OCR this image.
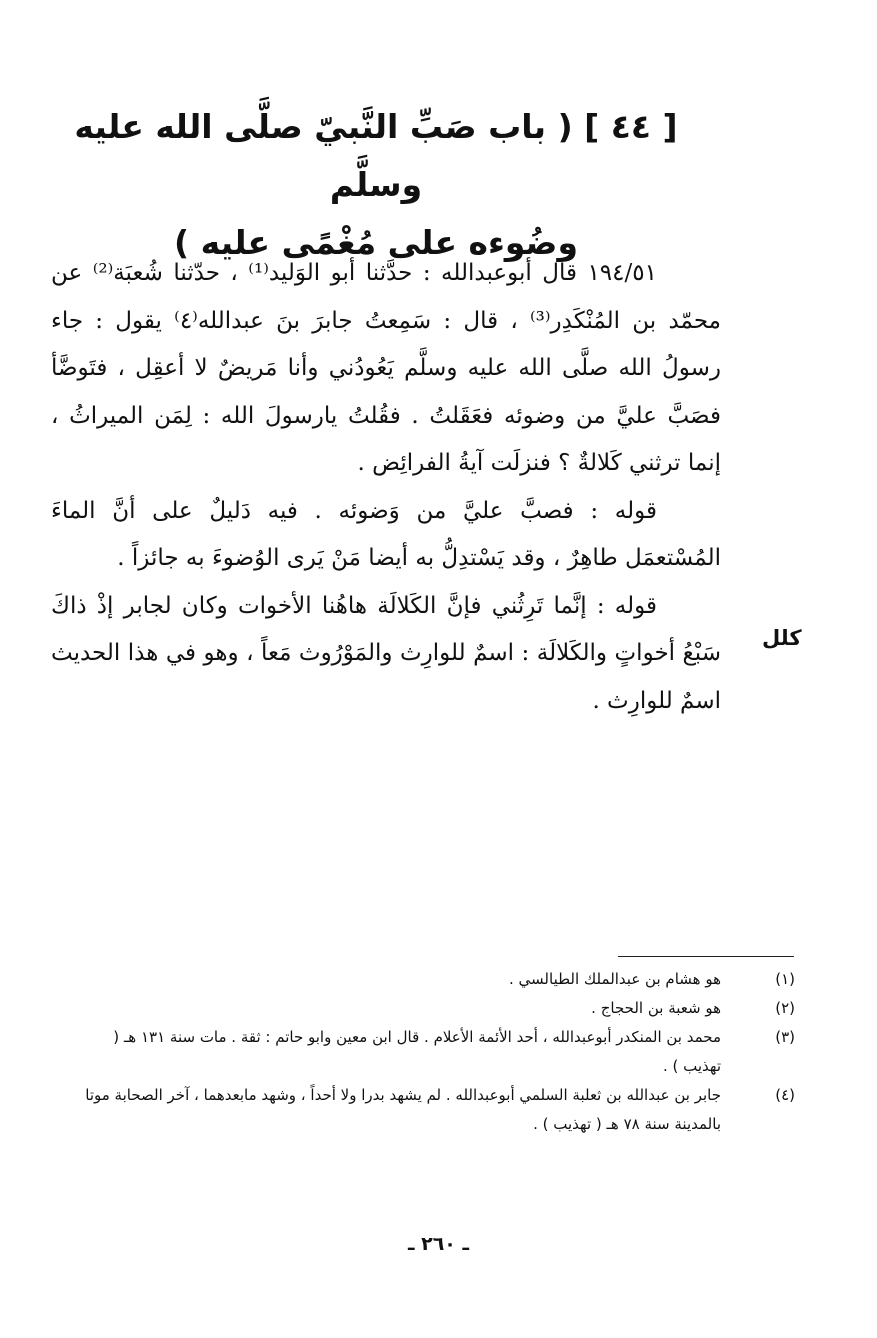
[ ٤٤ ] ( باب صَبِّ النَّبيّ صلَّى الله عليه وسلَّم
وضُوءه على مُغْمًى عليه )

١٩٤/٥١ قال أبوعبدالله : حدَّثنا أبو الوَليد⁽¹⁾ ، حدّثنا شُعبَة⁽²⁾ عن محمّد بن المُنْكَدِر⁽³⁾ ، قال : سَمِعتُ جابرَ بنَ عبدالله⁽٤⁾ يقول : جاء رسولُ الله صلَّى الله عليه وسلَّم يَعُودُني وأنا مَريضٌ لا أعقِل ، فتَوضَّأ فصَبَّ عليَّ من وضوئه فعَقَلتُ . فقُلتُ يارسولَ الله : لِمَن الميراثُ ، إنما ترثني كَلالةٌ ؟ فنزلَت آيةُ الفرائِض .

قوله : فصبَّ عليَّ من وَضوئه . فيه دَليلٌ على أنَّ الماءَ المُسْتعمَل طاهِرٌ ، وقد يَسْتدِلُّ به أيضا مَنْ يَرى الوُضوءَ به جائزاً .

قوله : إنَّما تَرِثُني فإنَّ الكَلالَة هاهُنا الأخوات وكان لجابر إذْ ذاكَ سَبْعُ أخواتٍ والكَلالَة : اسمٌ للوارِث والمَوْرُوث مَعاً ، وهو في هذا الحديث اسمٌ للوارِث .

كلل
(١)
هو هشام بن عبدالملك الطيالسي .
(٢)
هو شعبة بن الحجاج .
(٣)
محمد بن المنكدر أبوعبدالله ، أحد الأئمة الأعلام . قال ابن معين وابو حاتم : ثقة . مات سنة ١٣١ هـ ( تهذيب ) .
(٤)
جابر بن عبدالله بن ثعلبة السلمي أبوعبدالله . لم يشهد بدرا ولا أحداً ، وشهد مابعدهما ، آخر الصحابة موتا بالمدينة سنة ٧٨ هـ ( تهذيب ) .
ـ ٢٦٠ ـ
